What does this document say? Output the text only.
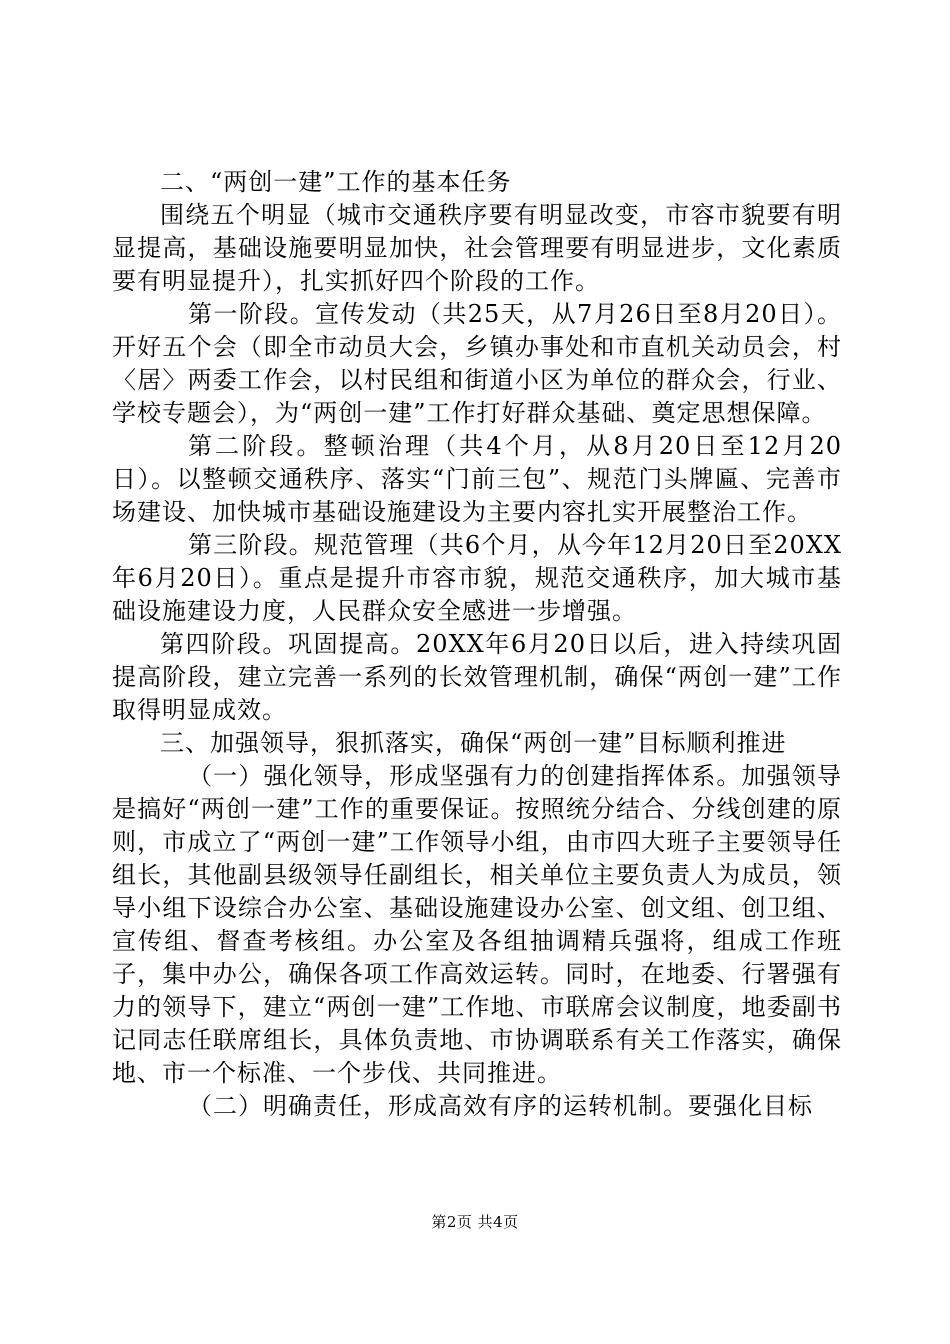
二、“两创一建”工作的基本任务

围绕五个明显（城市交通秩序要有明显改变，市容市貌要有明显提高，基础设施要明显加快，社会管理要有明显进步，文化素质要有明显提升），扎实抓好四个阶段的工作。

第一阶段。宣传发动（共25天，从7月26日至8月20日）。开好五个会（即全市动员大会，乡镇办事处和市直机关动员会，村〈居〉两委工作会，以村民组和街道小区为单位的群众会，行业、学校专题会），为“两创一建”工作打好群众基础、奠定思想保障。

第二阶段。整顿治理（共4个月，从8月20日至12月20日）。以整顿交通秩序、落实“门前三包”、规范门头牌匾、完善市场建设、加快城市基础设施建设为主要内容扎实开展整治工作。

第三阶段。规范管理（共6个月，从今年12月20日至20XX年6月20日）。重点是提升市容市貌，规范交通秩序，加大城市基础设施建设力度，人民群众安全感进一步增强。

第四阶段。巩固提高。20XX年6月20日以后，进入持续巩固提高阶段，建立完善一系列的长效管理机制，确保“两创一建”工作取得明显成效。

三、加强领导，狠抓落实，确保“两创一建”目标顺利推进

（一）强化领导，形成坚强有力的创建指挥体系。加强领导是搞好“两创一建”工作的重要保证。按照统分结合、分线创建的原则，市成立了“两创一建”工作领导小组，由市四大班子主要领导任组长，其他副县级领导任副组长，相关单位主要负责人为成员，领导小组下设综合办公室、基础设施建设办公室、创文组、创卫组、宣传组、督查考核组。办公室及各组抽调精兵强将，组成工作班子，集中办公，确保各项工作高效运转。同时，在地委、行署强有力的领导下，建立“两创一建”工作地、市联席会议制度，地委副书记同志任联席组长，具体负责地、市协调联系有关工作落实，确保地、市一个标准、一个步伐、共同推进。

（二）明确责任，形成高效有序的运转机制。要强化目标

第2页 共4页
